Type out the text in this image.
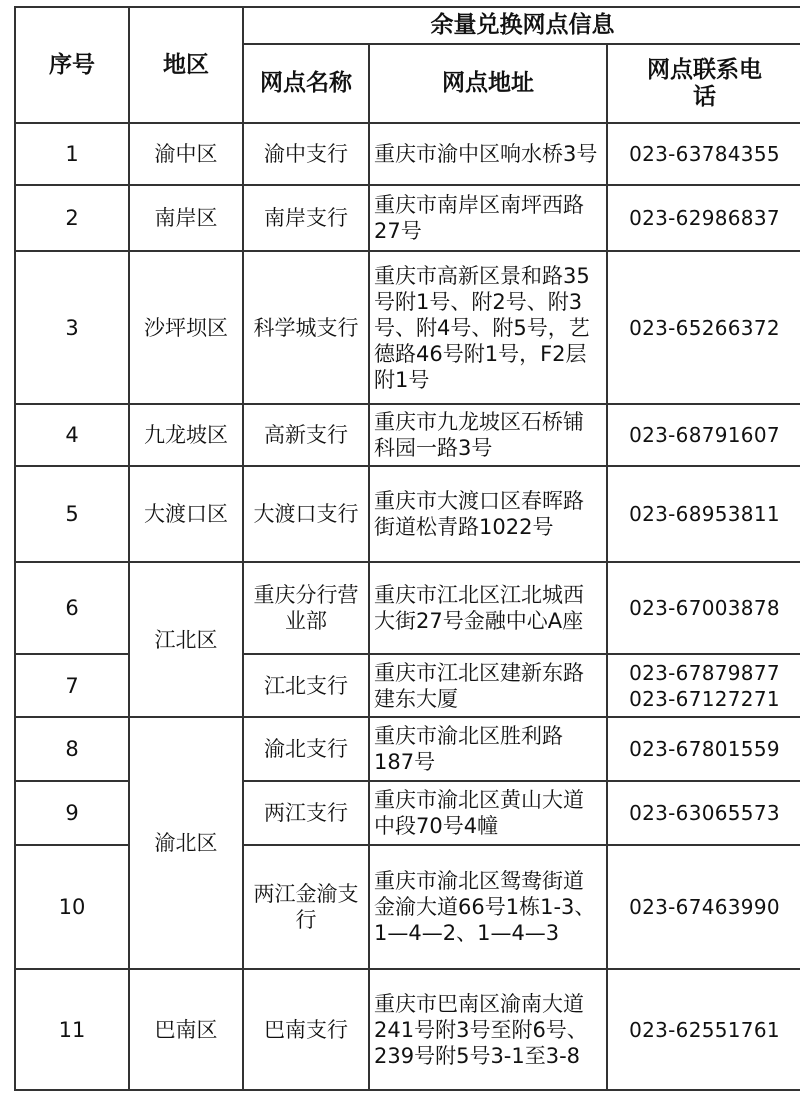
序号	地区	余量兑换网点信息		
		网点名称	网点地址	网点联系电话
1	渝中区	渝中支行	重庆市渝中区响水桥3号	023-63784355

2	南岸区	南岸支行	重庆市南岸区南坪西路27号	023-62986837

3	沙坪坝区	科学城支行	重庆市高新区景和路35号附1号、附2号、附3号、附4号、附5号，艺德路46号附1号，F2层附1号	023-65266372

4	九龙坡区	高新支行	重庆市九龙坡区石桥铺科园一路3号	023-68791607

5	大渡口区	大渡口支行	重庆市大渡口区春晖路街道松青路1022号	023-68953811

6	江北区	重庆分行营业部	重庆市江北区江北城西大街27号金融中心A座	023-67003878

7		江北支行	重庆市江北区建新东路建东大厦	023-67879877
023-67127271

8	渝北区	渝北支行	重庆市渝北区胜利路187号	023-67801559

9		两江支行	重庆市渝北区黄山大道中段70号4幢	023-63065573

10		两江金渝支行	重庆市渝北区鸳鸯街道金渝大道66号1栋1-3、1—4—2、1—4—3	023-67463990

11	巴南区	巴南支行	重庆市巴南区渝南大道241号附3号至附6号、239号附5号3-1至3-8	023-62551761
